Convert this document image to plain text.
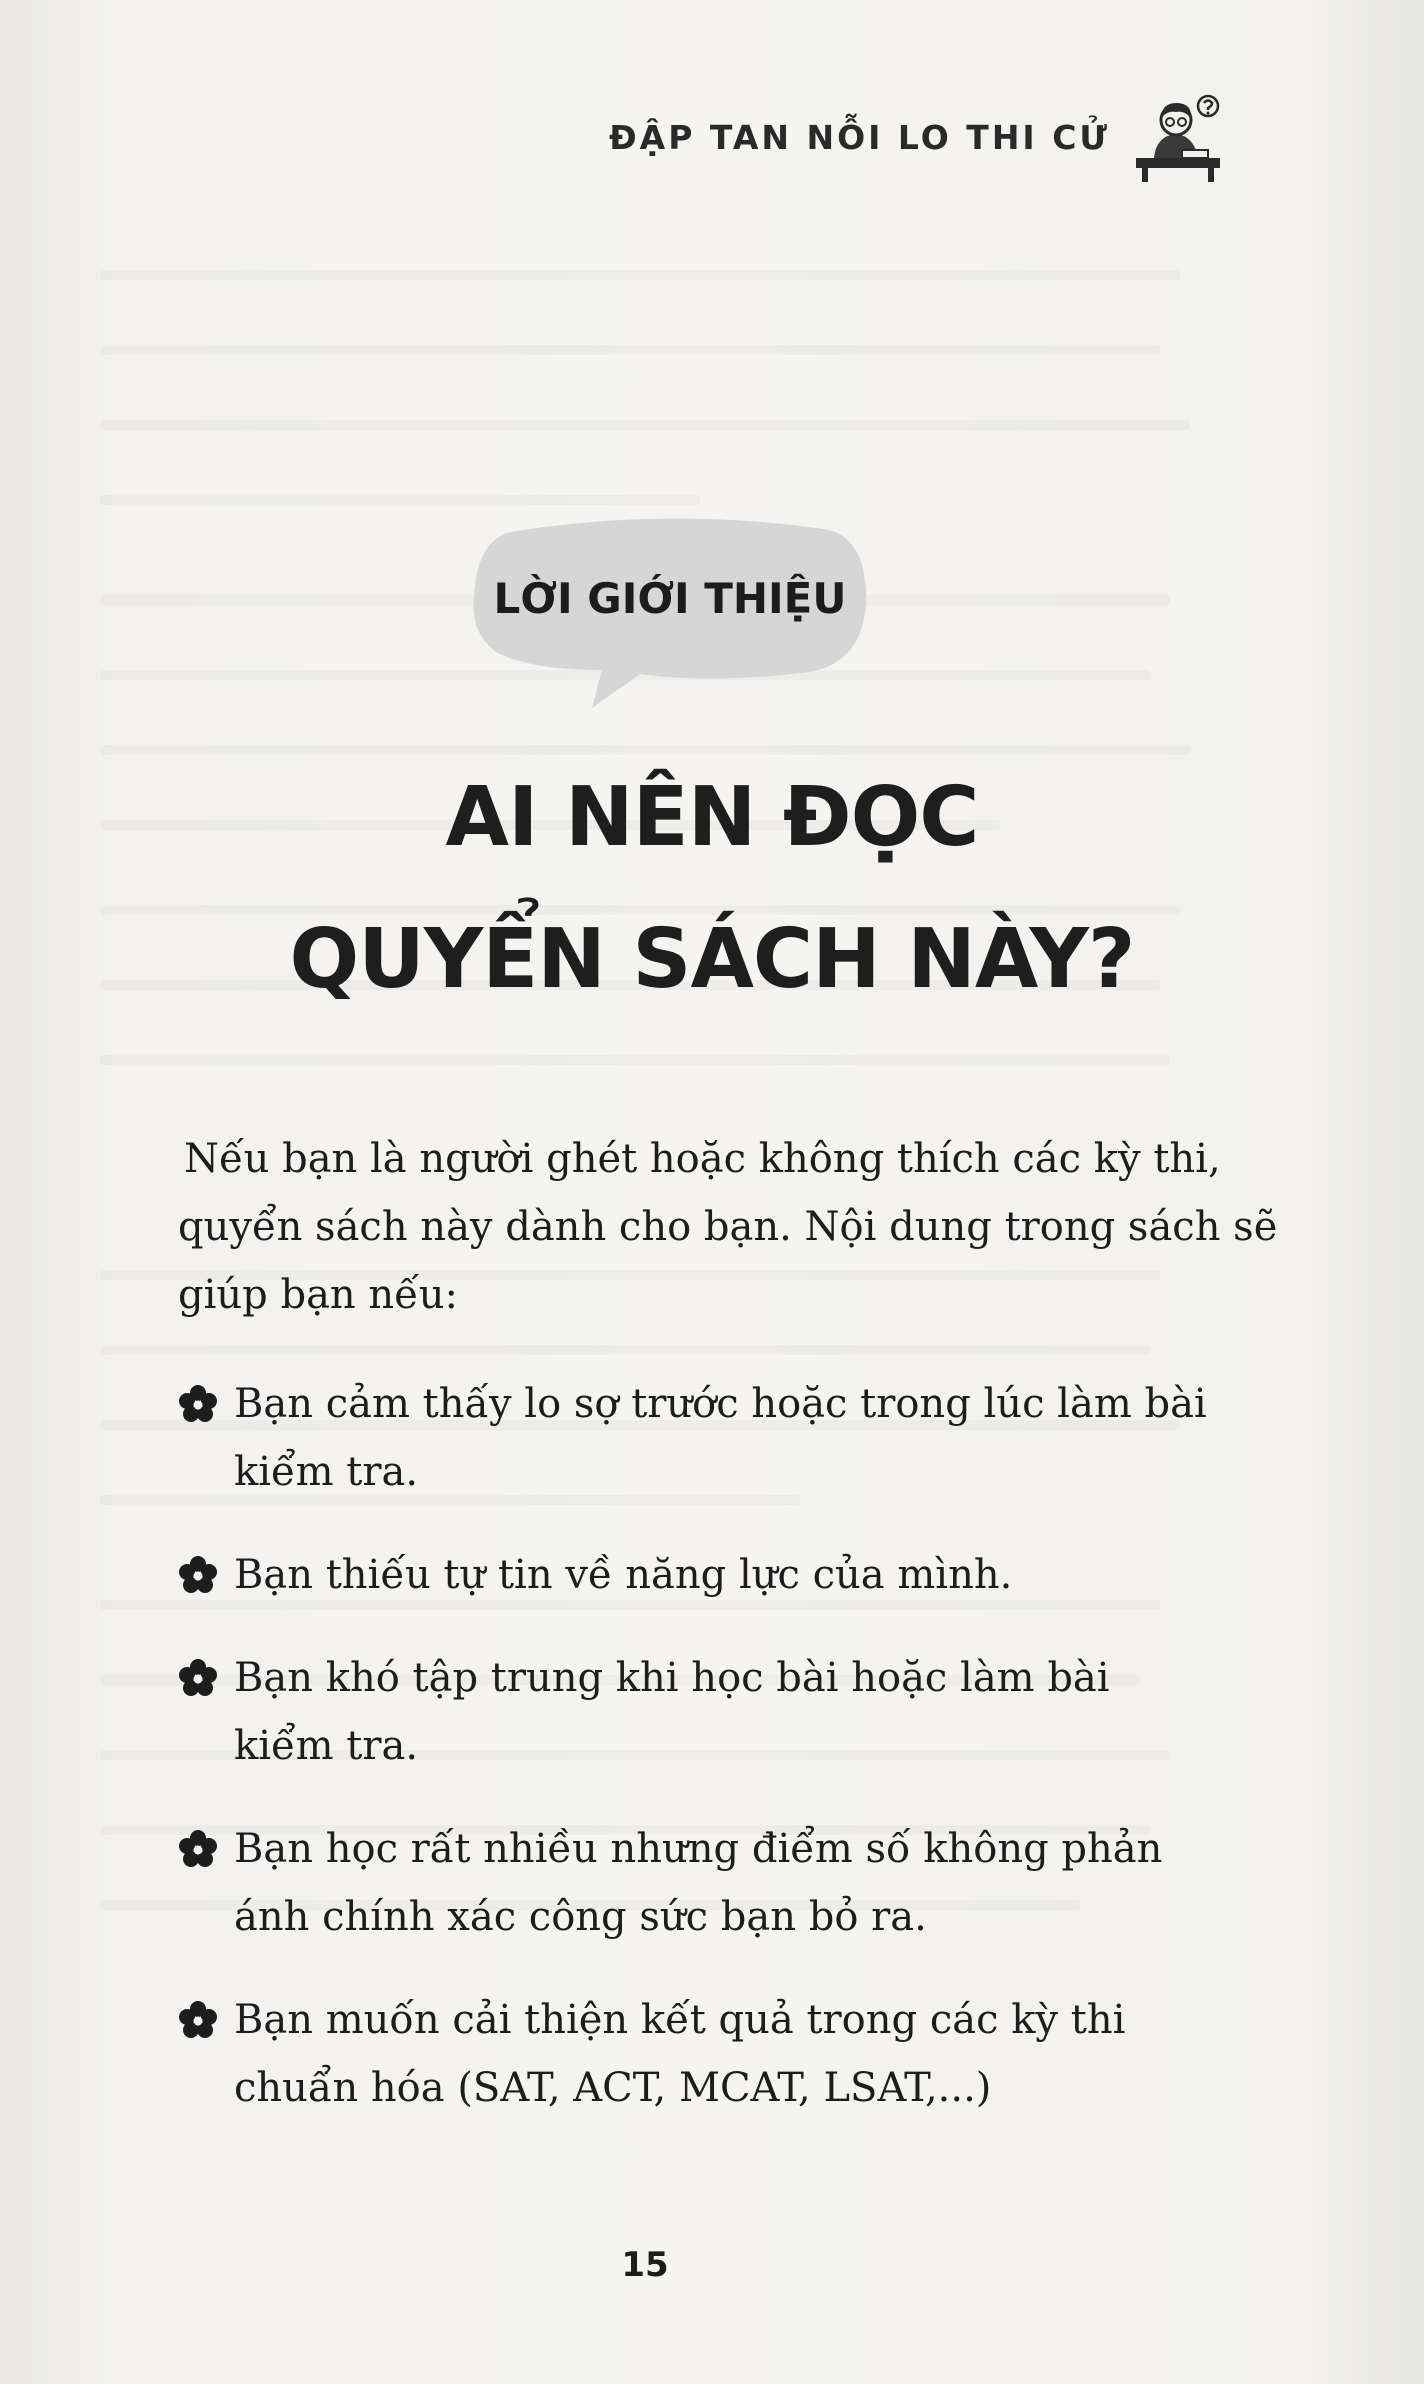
ĐẬP TAN NỖI LO THI CỬ
LỜI GIỚI THIỆU
AI NÊN ĐỌC
QUYỂN SÁCH NÀY?
Nếu bạn là người ghét hoặc không thích các kỳ thi,
quyển sách này dành cho bạn. Nội dung trong sách sẽ
giúp bạn nếu:
Bạn cảm thấy lo sợ trước hoặc trong lúc làm bài
kiểm tra.
Bạn thiếu tự tin về năng lực của mình.
Bạn khó tập trung khi học bài hoặc làm bài
kiểm tra.
Bạn học rất nhiều nhưng điểm số không phản
ánh chính xác công sức bạn bỏ ra.
Bạn muốn cải thiện kết quả trong các kỳ thi
chuẩn hóa (SAT, ACT, MCAT, LSAT,...)
15
